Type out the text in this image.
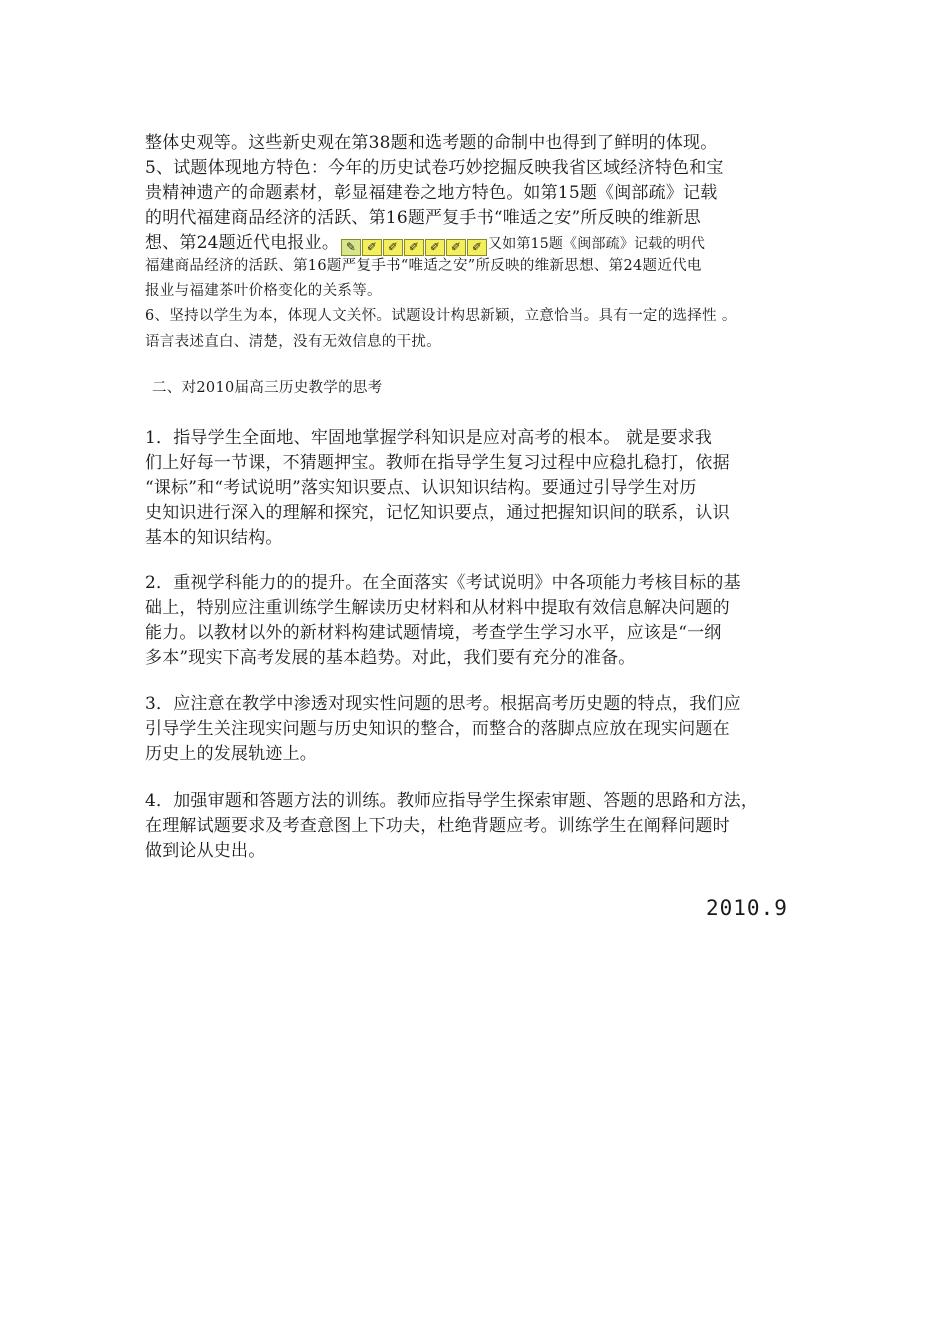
整体史观等。这些新史观在第38题和选考题的命制中也得到了鲜明的体现。
5、试题体现地方特色：今年的历史试卷巧妙挖掘反映我省区域经济特色和宝
贵精神遗产的命题素材，彰显福建卷之地方特色。如第15题《闽部疏》记载
的明代福建商品经济的活跃、第16题严复手书“唯适之安”所反映的维新思
想、第24题近代电报业。 ✎ ✐ ✐ ✐ ✐ ✐ ✐ 又如第15题《闽部疏》记载的明代
福建商品经济的活跃、第16题严复手书“唯适之安”所反映的维新思想、第24题近代电
报业与福建茶叶价格变化的关系等。
6、坚持以学生为本，体现人文关怀。试题设计构思新颖，立意恰当。具有一定的选择性 。
语言表述直白、清楚，没有无效信息的干扰。
二、对2010届高三历史教学的思考
1．指导学生全面地、牢固地掌握学科知识是应对高考的根本。 就是要求我
们上好每一节课，不猜题押宝。教师在指导学生复习过程中应稳扎稳打，依据
“课标”和“考试说明”落实知识要点、认识知识结构。要通过引导学生对历
史知识进行深入的理解和探究，记忆知识要点，通过把握知识间的联系，认识
基本的知识结构。
2．重视学科能力的的提升。在全面落实《考试说明》中各项能力考核目标的基
础上，特别应注重训练学生解读历史材料和从材料中提取有效信息解决问题的
能力。以教材以外的新材料构建试题情境，考查学生学习水平，应该是“一纲
多本”现实下高考发展的基本趋势。对此，我们要有充分的准备。
3．应注意在教学中渗透对现实性问题的思考。根据高考历史题的特点，我们应
引导学生关注现实问题与历史知识的整合，而整合的落脚点应放在现实问题在
历史上的发展轨迹上。
4．加强审题和答题方法的训练。教师应指导学生探索审题、答题的思路和方法，
在理解试题要求及考查意图上下功夫，杜绝背题应考。训练学生在阐释问题时
做到论从史出。
2010.9
